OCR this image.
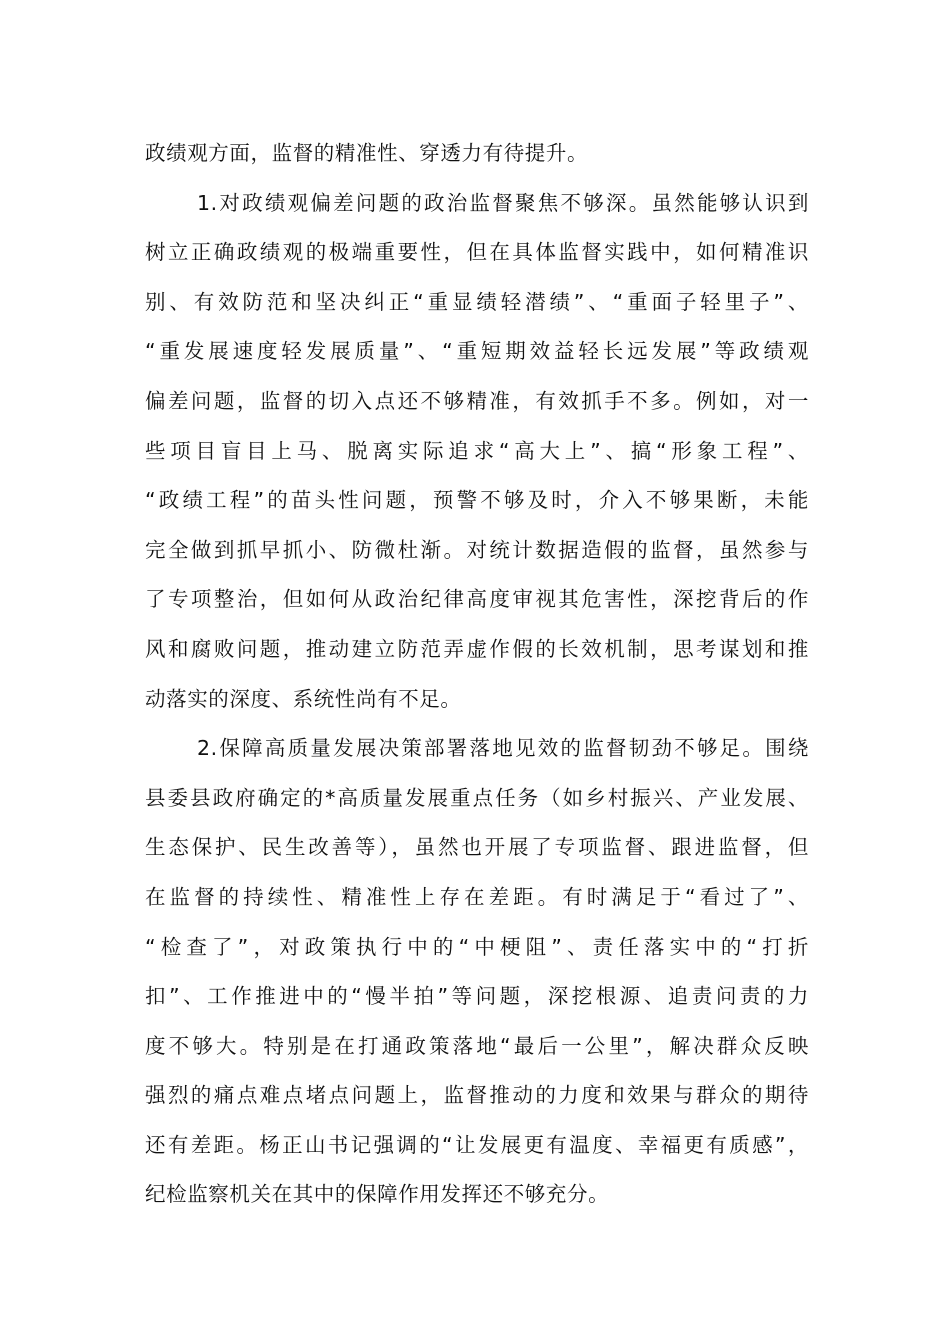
政绩观方面，监督的精准性、穿透力有待提升。
1.对政绩观偏差问题的政治监督聚焦不够深。虽然能够认识到
树立正确政绩观的极端重要性，但在具体监督实践中，如何精准识
别、有效防范和坚决纠正“重显绩轻潜绩”、“重面子轻里子”、
“重发展速度轻发展质量”、“重短期效益轻长远发展”等政绩观
偏差问题，监督的切入点还不够精准，有效抓手不多。例如，对一
些项目盲目上马、脱离实际追求“高大上”、搞“形象工程”、
“政绩工程”的苗头性问题，预警不够及时，介入不够果断，未能
完全做到抓早抓小、防微杜渐。对统计数据造假的监督，虽然参与
了专项整治，但如何从政治纪律高度审视其危害性，深挖背后的作
风和腐败问题，推动建立防范弄虚作假的长效机制，思考谋划和推
动落实的深度、系统性尚有不足。
2.保障高质量发展决策部署落地见效的监督韧劲不够足。围绕
县委县政府确定的*高质量发展重点任务（如乡村振兴、产业发展、
生态保护、民生改善等），虽然也开展了专项监督、跟进监督，但
在监督的持续性、精准性上存在差距。有时满足于“看过了”、
“检查了”，对政策执行中的“中梗阻”、责任落实中的“打折
扣”、工作推进中的“慢半拍”等问题，深挖根源、追责问责的力
度不够大。特别是在打通政策落地“最后一公里”，解决群众反映
强烈的痛点难点堵点问题上，监督推动的力度和效果与群众的期待
还有差距。杨正山书记强调的“让发展更有温度、幸福更有质感”，
纪检监察机关在其中的保障作用发挥还不够充分。
